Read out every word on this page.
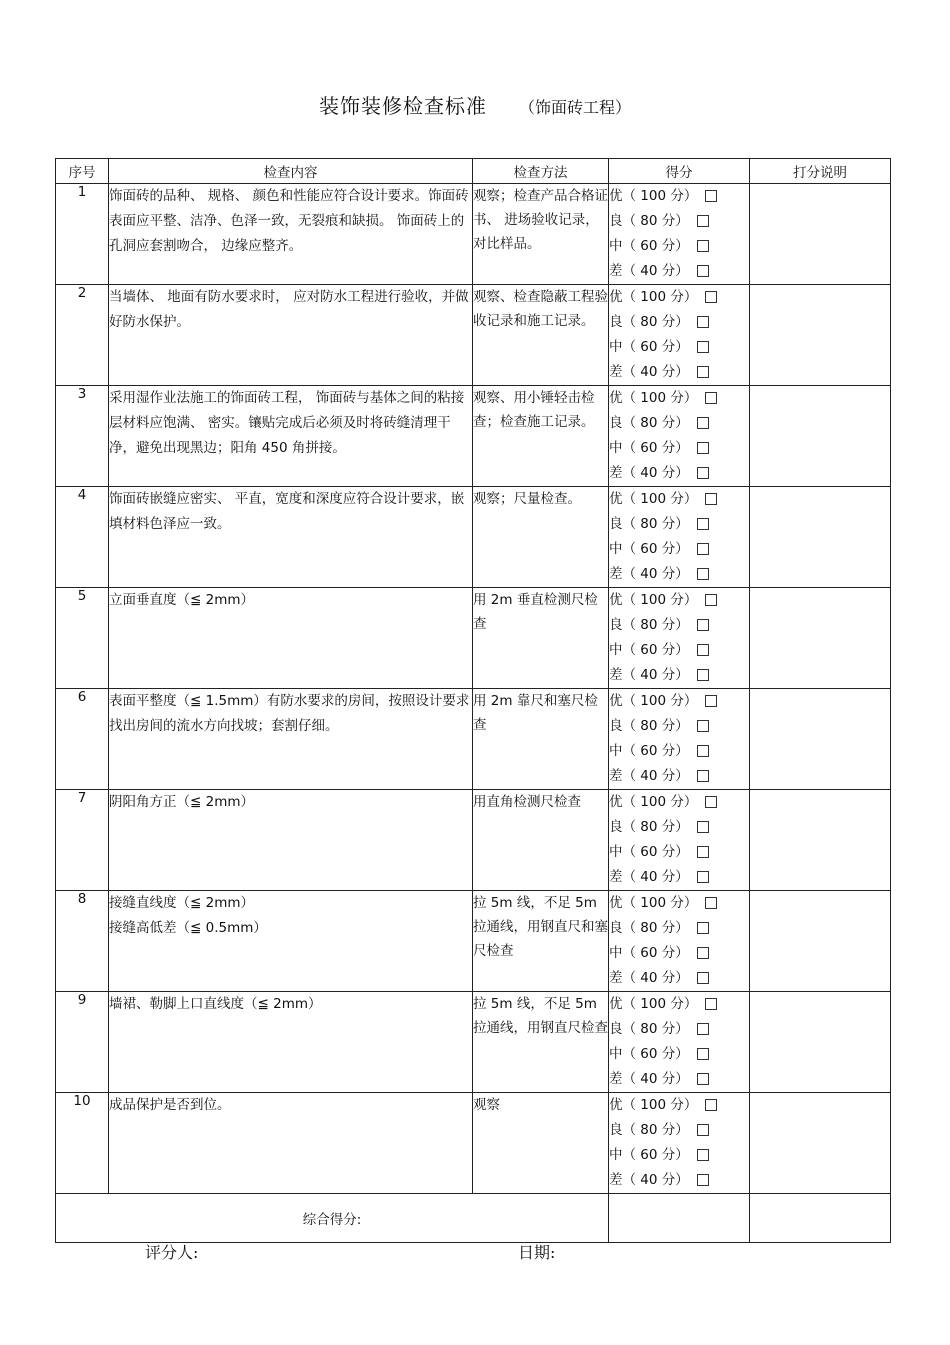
装饰装修检查标准 （饰面砖工程）
序号	检查内容	检查方法	得分	打分说明
1	饰面砖的品种、 规格、 颜色和性能应符合设计要求。饰面砖表面应平整、洁净、色泽一致，无裂痕和缺损。 饰面砖上的孔洞应套割吻合， 边缘应整齐。	观察；检查产品合格证书、 进场验收记录，对比样品。	优（ 100 分）
良（ 80 分）
中（ 60 分）
差（ 40 分）	

2	当墙体、 地面有防水要求时， 应对防水工程进行验收，并做好防水保护。	观察、检查隐蔽工程验收记录和施工记录。	优（ 100 分）
良（ 80 分）
中（ 60 分）
差（ 40 分）	

3	采用湿作业法施工的饰面砖工程， 饰面砖与基体之间的粘接层材料应饱满、 密实。镶贴完成后必须及时将砖缝清理干净，避免出现黑边；阳角 450 角拼接。	观察、用小锤轻击检查；检查施工记录。	优（ 100 分）
良（ 80 分）
中（ 60 分）
差（ 40 分）	

4	饰面砖嵌缝应密实、 平直，宽度和深度应符合设计要求，嵌填材料色泽应一致。	观察；尺量检查。	优（ 100 分）
良（ 80 分）
中（ 60 分）
差（ 40 分）	

5	立面垂直度（≦ 2mm）	用 2m 垂直检测尺检查	优（ 100 分）
良（ 80 分）
中（ 60 分）
差（ 40 分）	

6	表面平整度（≦ 1.5mm）有防水要求的房间，按照设计要求找出房间的流水方向找坡；套割仔细。	用 2m 靠尺和塞尺检查	优（ 100 分）
良（ 80 分）
中（ 60 分）
差（ 40 分）	

7	阴阳角方正（≦ 2mm）	用直角检测尺检查	优（ 100 分）
良（ 80 分）
中（ 60 分）
差（ 40 分）	

8	接缝直线度（≦ 2mm）
接缝高低差（≦ 0.5mm）	拉 5m 线，不足 5m 拉通线，用钢直尺和塞尺检查	优（ 100 分）
良（ 80 分）
中（ 60 分）
差（ 40 分）	

9	墙裙、勒脚上口直线度（≦ 2mm）	拉 5m 线，不足 5m 拉通线，用钢直尺检查	优（ 100 分）
良（ 80 分）
中（ 60 分）
差（ 40 分）	

10	成品保护是否到位。	观察	优（ 100 分）
良（ 80 分）
中（ 60 分）
差（ 40 分）	

综合得分:				
评分人:	日期:
